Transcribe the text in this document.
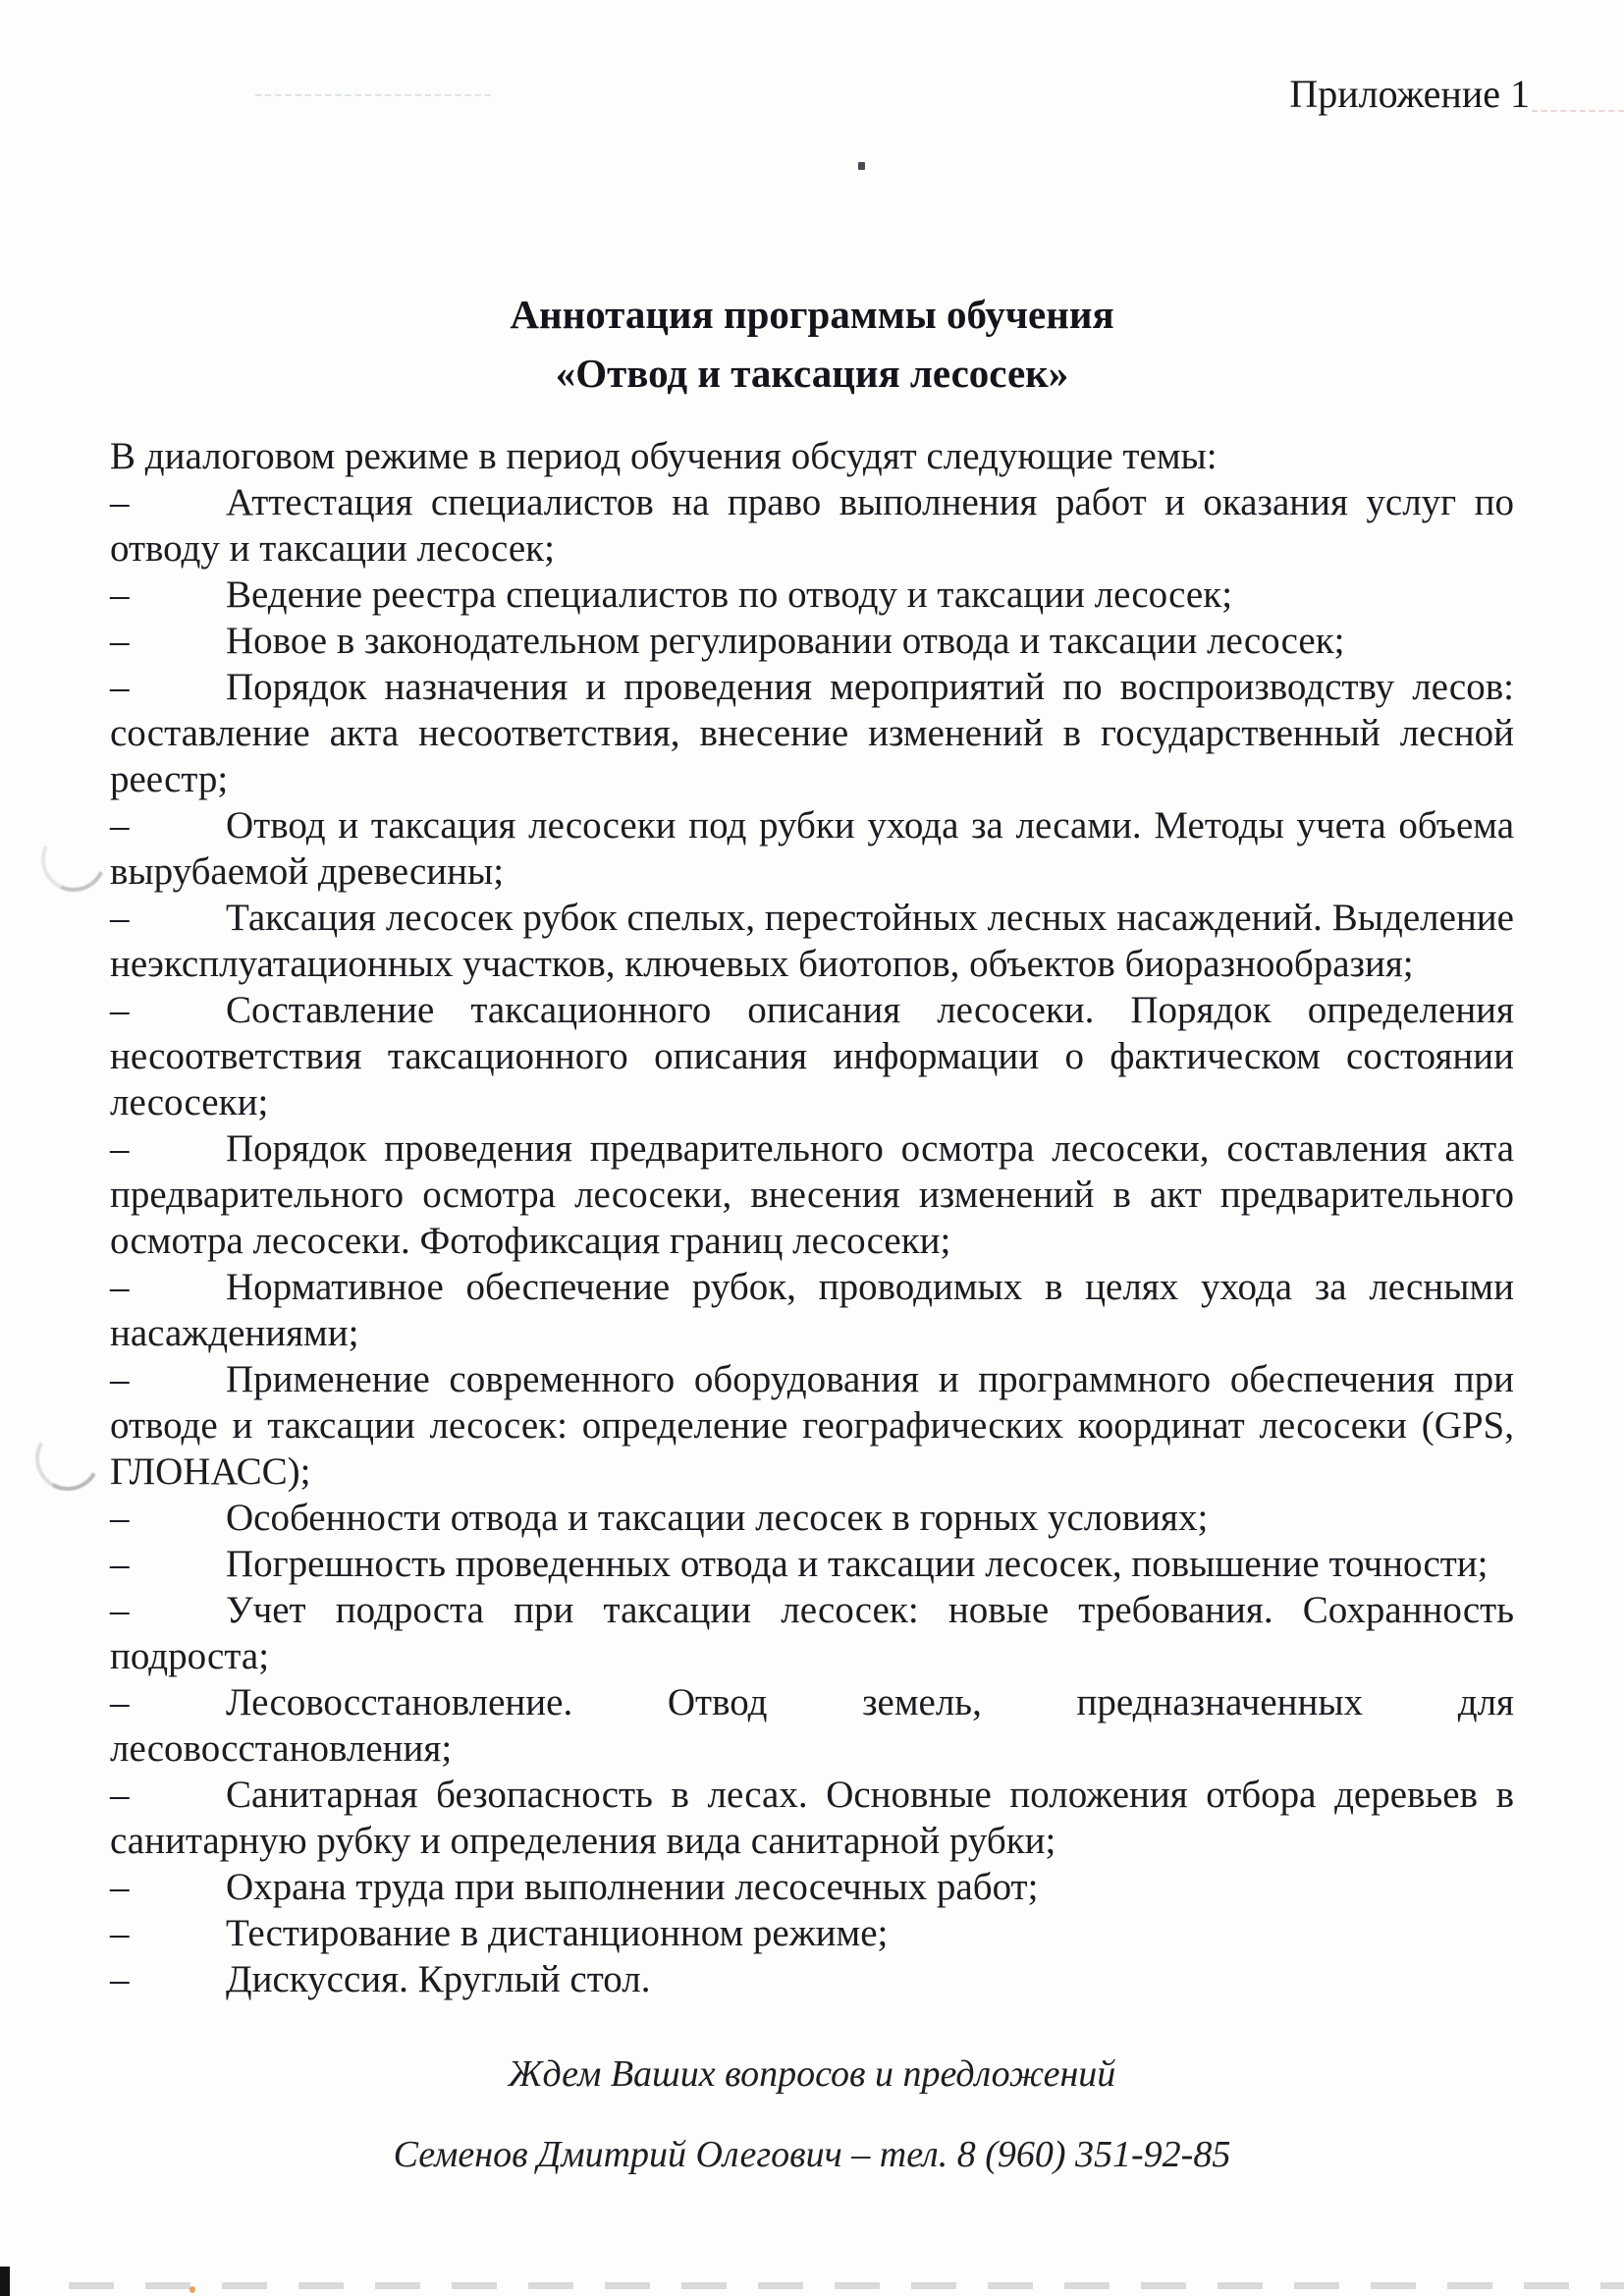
Приложение 1
Аннотация программы обучения
«Отвод и таксация лесосек»

В диалоговом режиме в период обучения обсудят следующие темы:

–	Аттестация специалистов на право выполнения работ и оказания услуг по отводу и таксации лесосек;

–	Ведение реестра специалистов по отводу и таксации лесосек;

–	Новое в законодательном регулировании отвода и таксации лесосек;

–	Порядок назначения и проведения мероприятий по воспроизводству лесов: составление акта несоответствия, внесение изменений в государственный лесной реестр;

–	Отвод и таксация лесосеки под рубки ухода за лесами. Методы учета объема вырубаемой древесины;

–	Таксация лесосек рубок спелых, перестойных лесных насаждений. Выделение неэксплуатационных участков, ключевых биотопов, объектов биоразнообразия;

–	Составление таксационного описания лесосеки. Порядок определения несоответствия таксационного описания информации о фактическом состоянии лесосеки;

–	Порядок проведения предварительного осмотра лесосеки, составления акта предварительного осмотра лесосеки, внесения изменений в акт предварительного осмотра лесосеки. Фотофиксация границ лесосеки;

–	Нормативное обеспечение рубок, проводимых в целях ухода за лесными насаждениями;

–	Применение современного оборудования и программного обеспечения при отводе и таксации лесосек: определение географических координат лесосеки (GPS, ГЛОНАСС);

–	Особенности отвода и таксации лесосек в горных условиях;

–	Погрешность проведенных отвода и таксации лесосек, повышение точности;

–	Учет подроста при таксации лесосек: новые требования. Сохранность подроста;

–	Лесовосстановление. Отвод земель, предназначенных для лесовосстановления;

–	Санитарная безопасность в лесах. Основные положения отбора деревьев в санитарную рубку и определения вида санитарной рубки;

–	Охрана труда при выполнении лесосечных работ;

–	Тестирование в дистанционном режиме;

–	Дискуссия. Круглый стол.

Ждем Ваших вопросов и предложений

Семенов Дмитрий Олегович – тел. 8 (960) 351-92-85
